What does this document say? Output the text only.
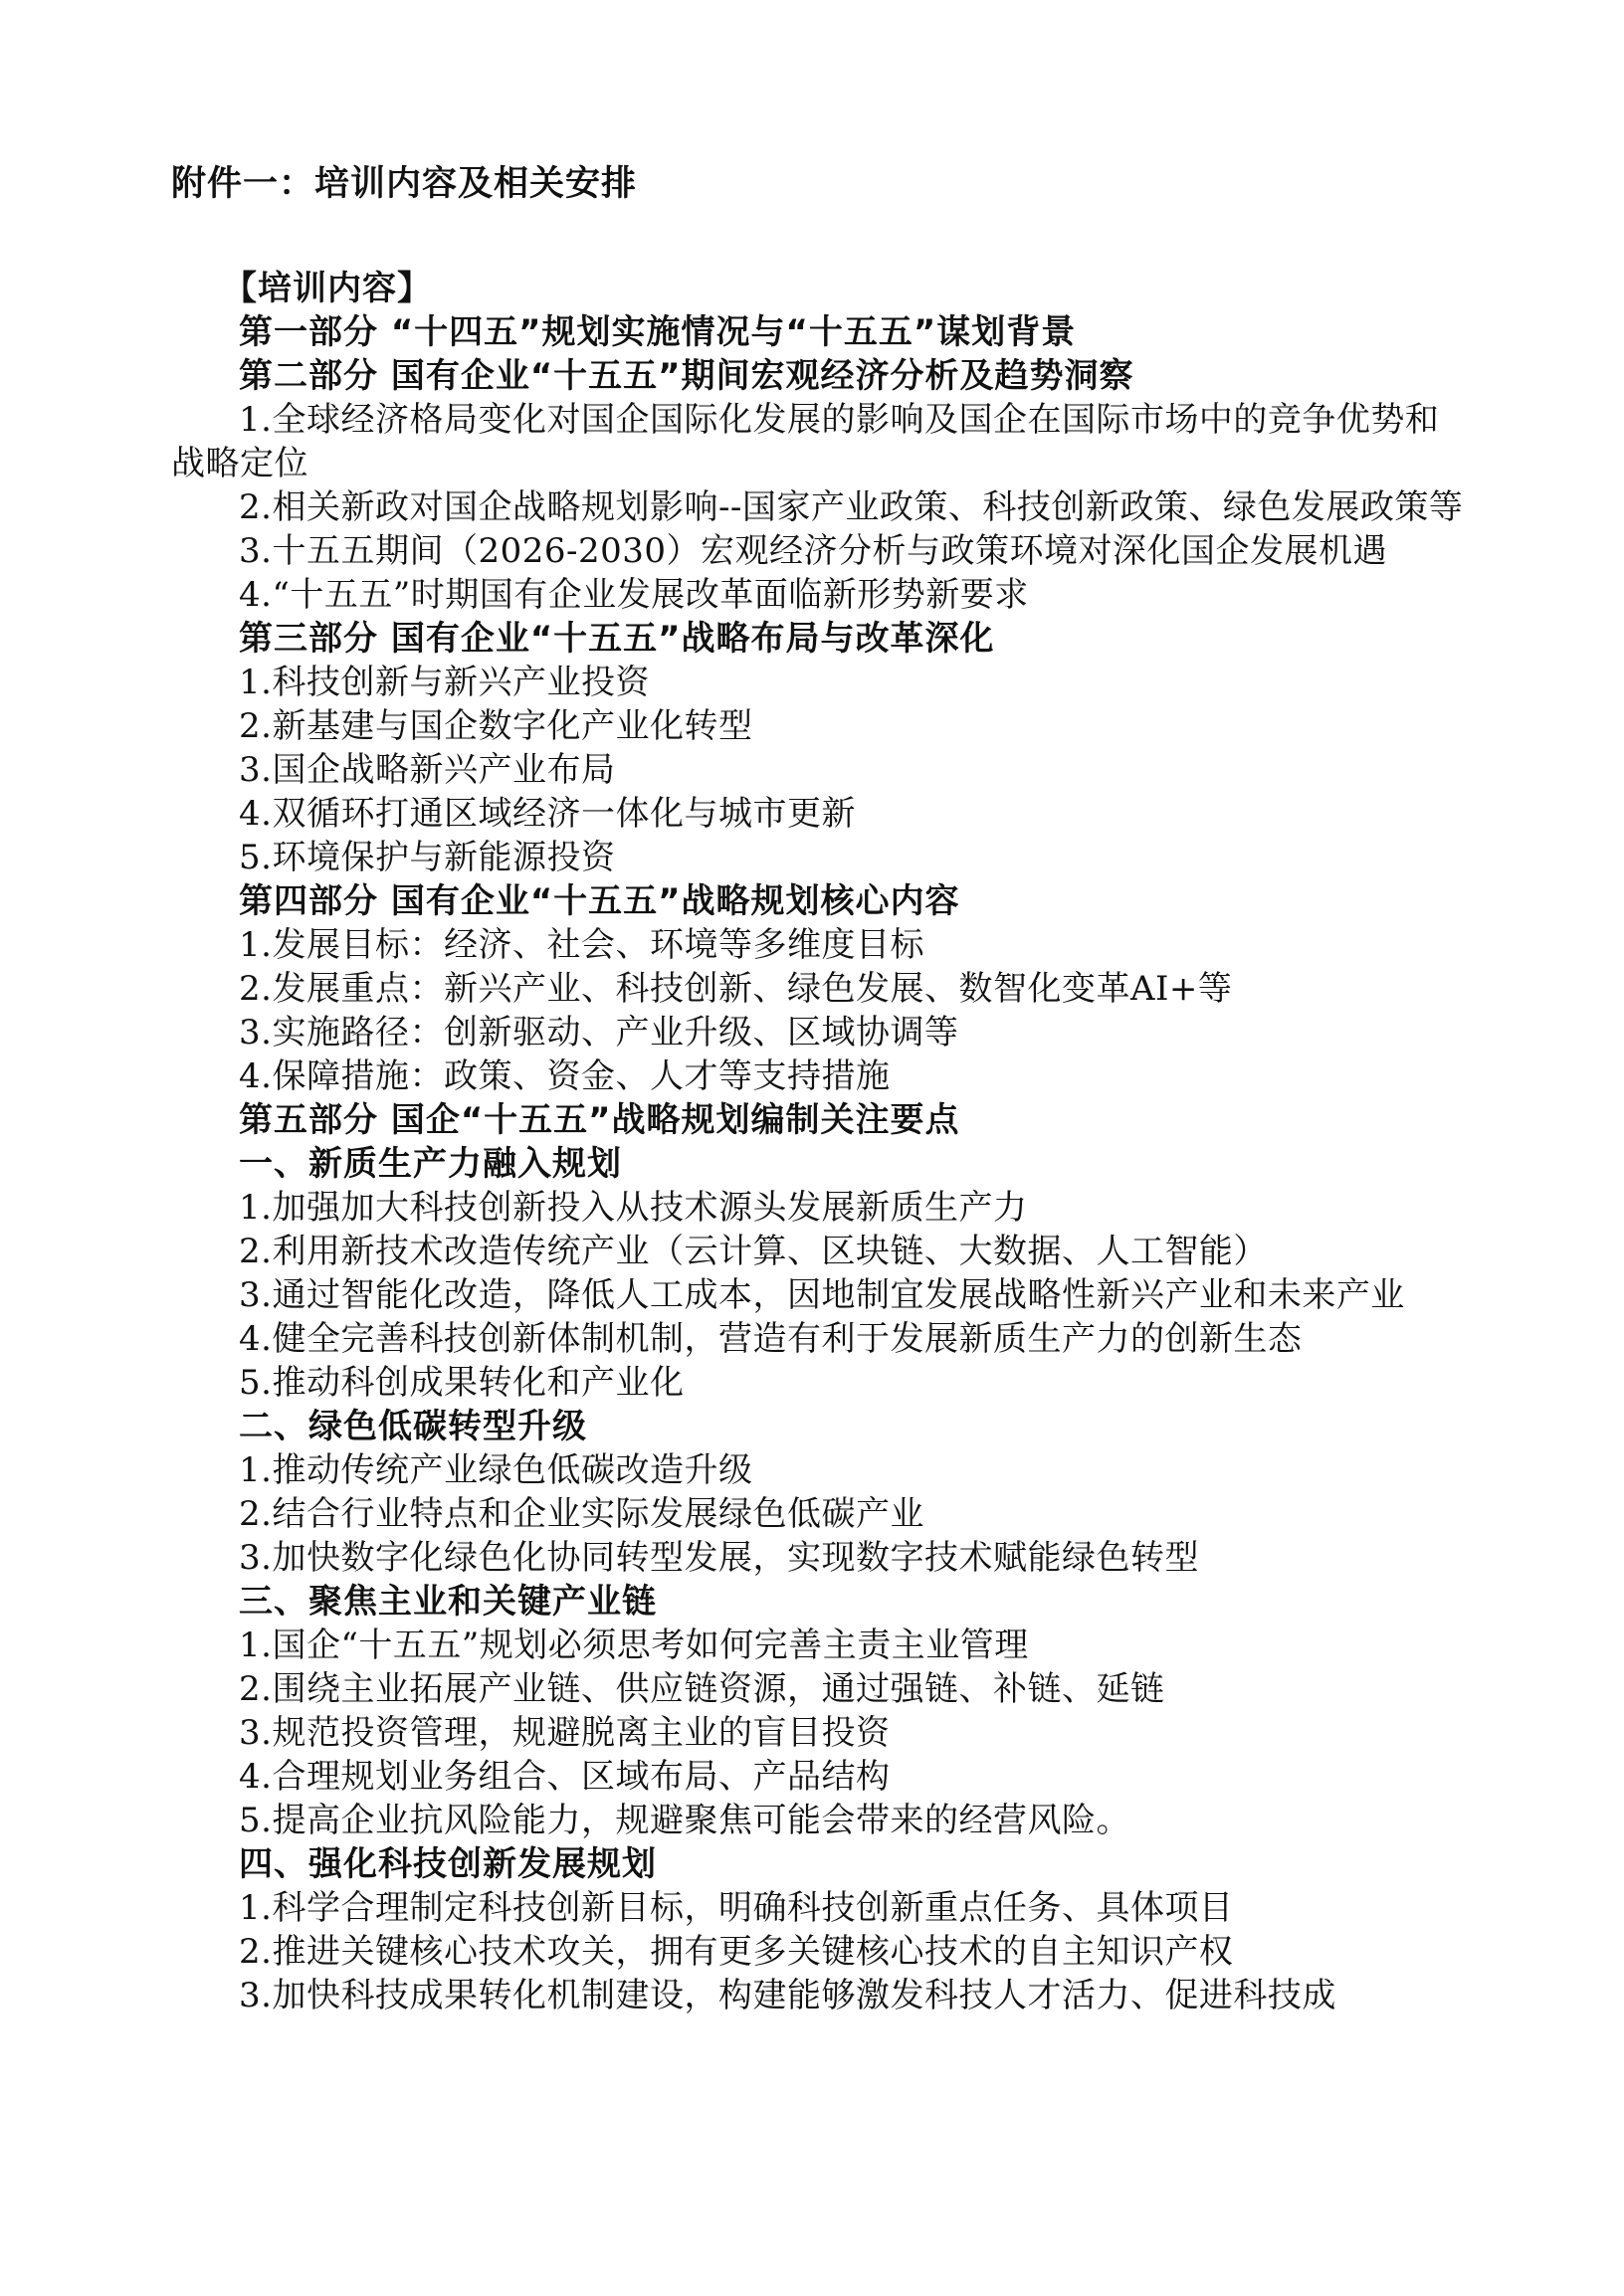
附件一：培训内容及相关安排

【培训内容】

第一部分 “十四五”规划实施情况与“十五五”谋划背景

第二部分 国有企业“十五五”期间宏观经济分析及趋势洞察

1.全球经济格局变化对国企国际化发展的影响及国企在国际市场中的竞争优势和战略定位

2.相关新政对国企战略规划影响--国家产业政策、科技创新政策、绿色发展政策等

3.十五五期间（2026-2030）宏观经济分析与政策环境对深化国企发展机遇

4.“十五五”时期国有企业发展改革面临新形势新要求

第三部分 国有企业“十五五”战略布局与改革深化

1.科技创新与新兴产业投资

2.新基建与国企数字化产业化转型

3.国企战略新兴产业布局

4.双循环打通区域经济一体化与城市更新

5.环境保护与新能源投资

第四部分 国有企业“十五五”战略规划核心内容

1.发展目标：经济、社会、环境等多维度目标

2.发展重点：新兴产业、科技创新、绿色发展、数智化变革AI+等

3.实施路径：创新驱动、产业升级、区域协调等

4.保障措施：政策、资金、人才等支持措施

第五部分 国企“十五五”战略规划编制关注要点

一、新质生产力融入规划

1.加强加大科技创新投入从技术源头发展新质生产力

2.利用新技术改造传统产业（云计算、区块链、大数据、人工智能）

3.通过智能化改造，降低人工成本，因地制宜发展战略性新兴产业和未来产业

4.健全完善科技创新体制机制，营造有利于发展新质生产力的创新生态

5.推动科创成果转化和产业化

二、绿色低碳转型升级

1.推动传统产业绿色低碳改造升级

2.结合行业特点和企业实际发展绿色低碳产业

3.加快数字化绿色化协同转型发展，实现数字技术赋能绿色转型

三、聚焦主业和关键产业链

1.国企“十五五”规划必须思考如何完善主责主业管理

2.围绕主业拓展产业链、供应链资源，通过强链、补链、延链

3.规范投资管理，规避脱离主业的盲目投资

4.合理规划业务组合、区域布局、产品结构

5.提高企业抗风险能力，规避聚焦可能会带来的经营风险。

四、强化科技创新发展规划

1.科学合理制定科技创新目标，明确科技创新重点任务、具体项目

2.推进关键核心技术攻关，拥有更多关键核心技术的自主知识产权

3.加快科技成果转化机制建设，构建能够激发科技人才活力、促进科技成
